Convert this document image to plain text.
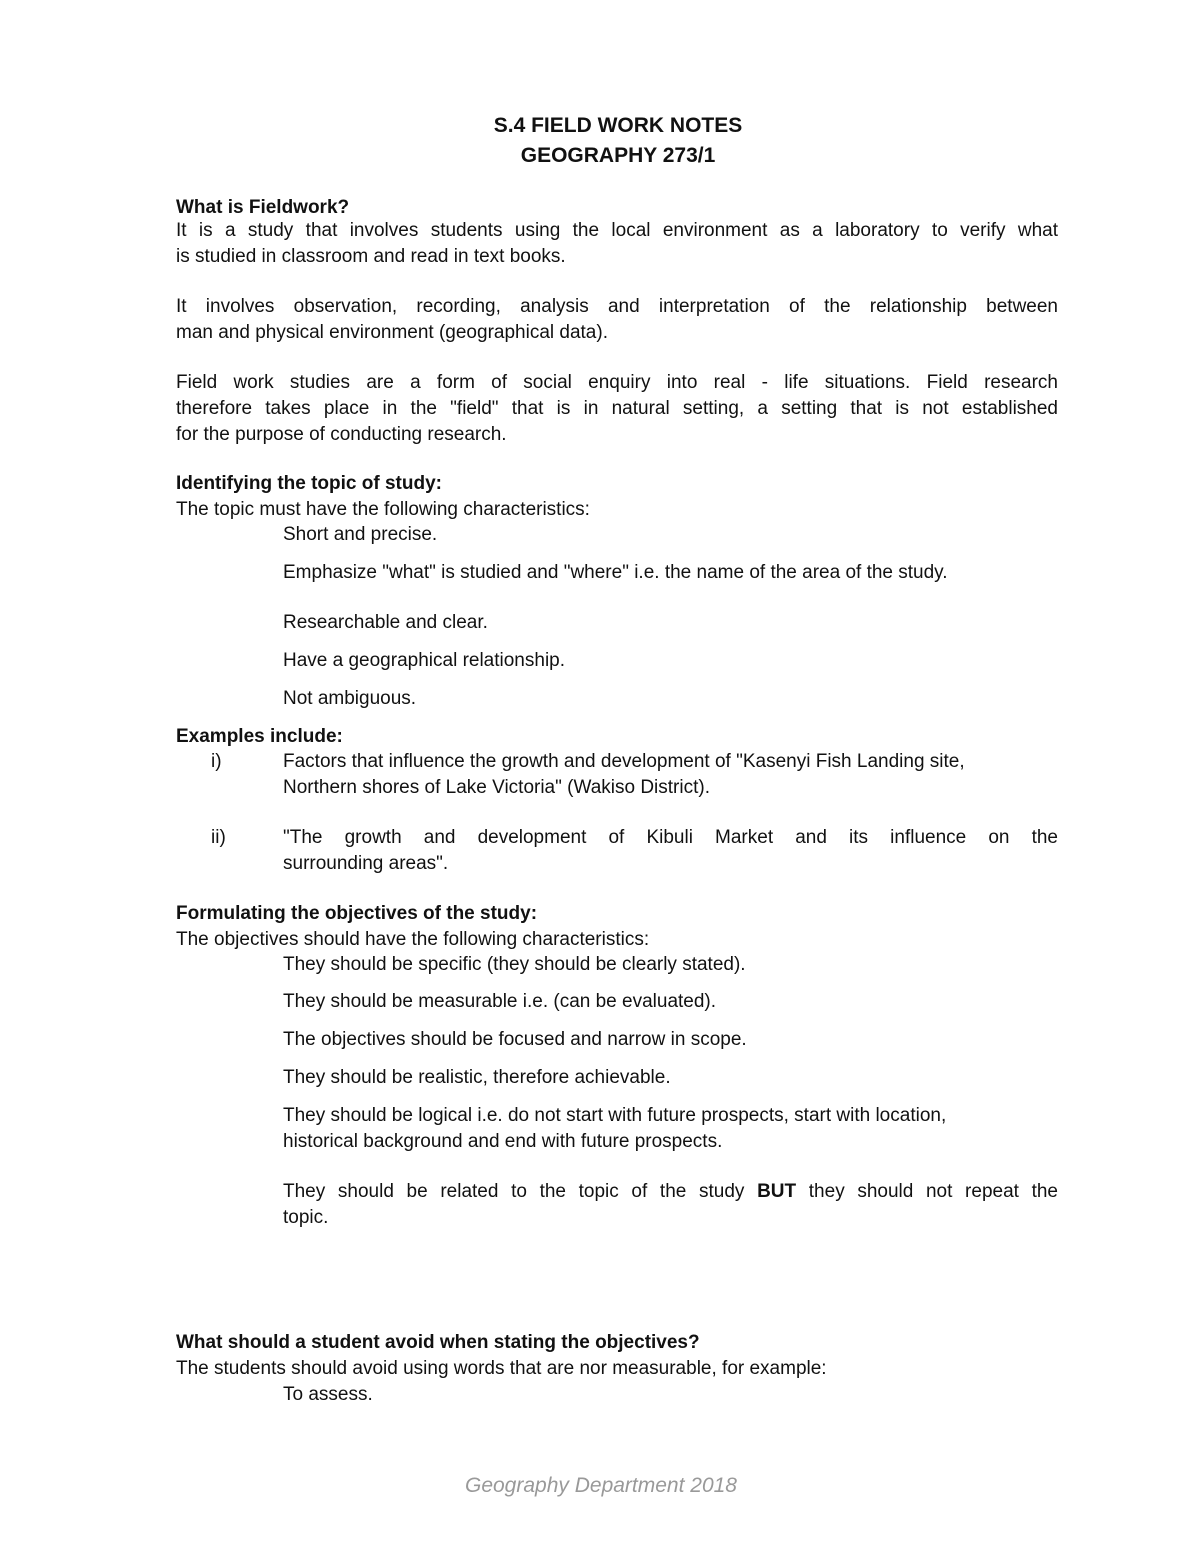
S.4 FIELD WORK NOTES
GEOGRAPHY 273/1
What is Fieldwork?
It is a study that involves students using the local environment as a laboratory to verify what
is studied in classroom and read in text books.
It involves observation, recording, analysis and interpretation of the relationship between
man and physical environment (geographical data).
Field work studies are a form of social enquiry into real - life situations. Field research
therefore takes place in the "field" that is in natural setting, a setting that is not established
for the purpose of conducting research.
Identifying the topic of study:
The topic must have the following characteristics:
Short and precise.
Emphasize "what" is studied and "where" i.e. the name of the area of the study.
Researchable and clear.
Have a geographical relationship.
Not ambiguous.
Examples include:
i)	Factors that influence the growth and development of "Kasenyi Fish Landing site,
Northern shores of Lake Victoria" (Wakiso District).
ii)	"The growth and development of Kibuli Market and its influence on the
surrounding areas".
Formulating the objectives of the study:
The objectives should have the following characteristics:
They should be specific (they should be clearly stated).
They should be measurable i.e. (can be evaluated).
The objectives should be focused and narrow in scope.
They should be realistic, therefore achievable.
They should be logical i.e. do not start with future prospects, start with location,
historical background and end with future prospects.
They should be related to the topic of the study BUT they should not repeat the
topic.
What should a student avoid when stating the objectives?
The students should avoid using words that are nor measurable, for example:
To assess.
Geography Department 2018
